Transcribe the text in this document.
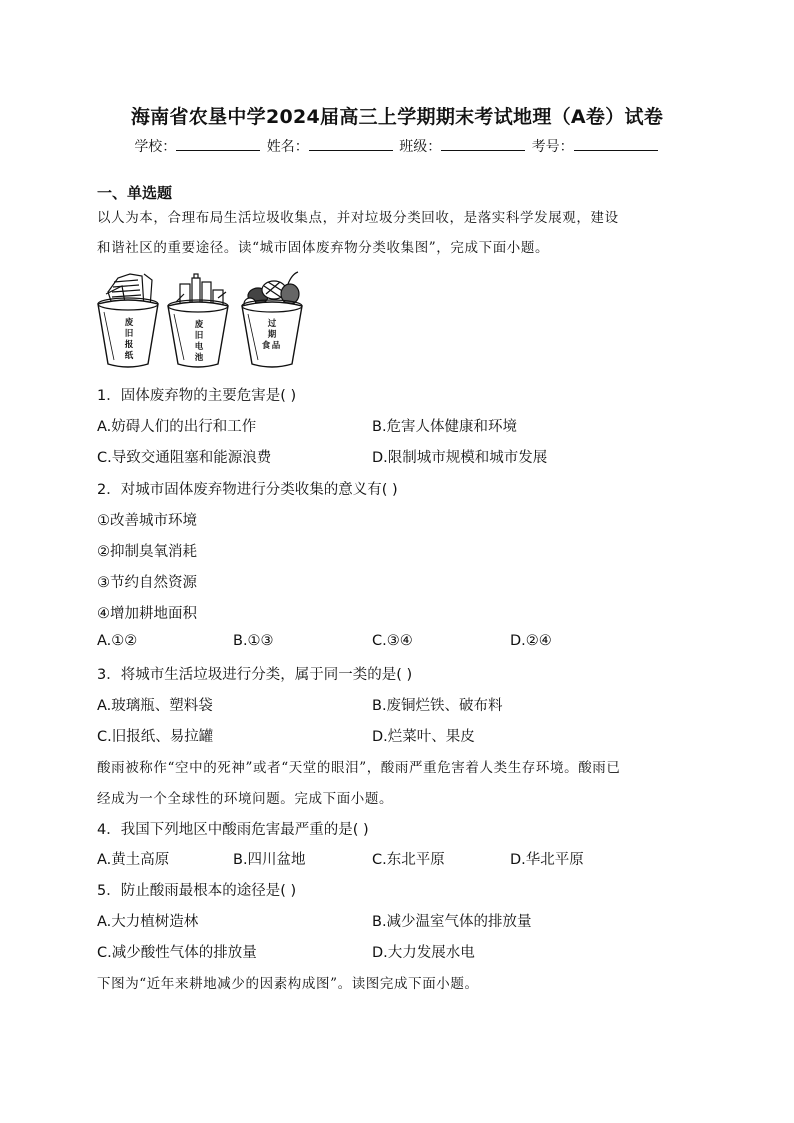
海南省农垦中学2024届高三上学期期末考试地理（A卷）试卷
学校：	姓名：	班级：	考号：
一、单选题
以人为本，合理布局生活垃圾收集点，并对垃圾分类回收，是落实科学发展观，建设
和谐社区的重要途径。读“城市固体废弃物分类收集图”，完成下面小题。
废
旧
报
纸
废
旧
电
池
过
期
食 品
1．固体废弃物的主要危害是( )
A.妨碍人们的出行和工作	B.危害人体健康和环境
C.导致交通阻塞和能源浪费	D.限制城市规模和城市发展
2．对城市固体废弃物进行分类收集的意义有( )
①改善城市环境
②抑制臭氧消耗
③节约自然资源
④增加耕地面积
A.①②	B.①③	C.③④	D.②④
3．将城市生活垃圾进行分类，属于同一类的是( )
A.玻璃瓶、塑料袋	B.废铜烂铁、破布料
C.旧报纸、易拉罐	D.烂菜叶、果皮
酸雨被称作“空中的死神”或者“天堂的眼泪”，酸雨严重危害着人类生存环境。酸雨已
经成为一个全球性的环境问题。完成下面小题。
4．我国下列地区中酸雨危害最严重的是( )
A.黄土高原	B.四川盆地	C.东北平原	D.华北平原
5．防止酸雨最根本的途径是( )
A.大力植树造林	B.减少温室气体的排放量
C.减少酸性气体的排放量	D.大力发展水电
下图为“近年来耕地减少的因素构成图”。读图完成下面小题。
